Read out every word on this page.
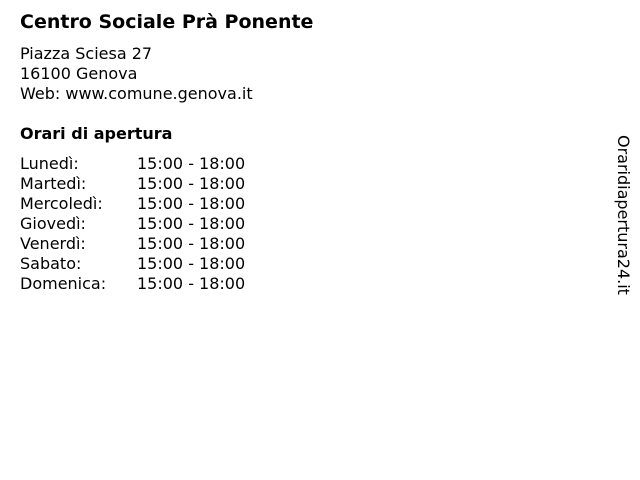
Centro Sociale Prà Ponente
Piazza Sciesa 27
16100 Genova
Web: www.comune.genova.it
Orari di apertura
Lunedì:	15:00 - 18:00
Martedì:	15:00 - 18:00
Mercoledì:	15:00 - 18:00
Giovedì:	15:00 - 18:00
Venerdì:	15:00 - 18:00
Sabato:	15:00 - 18:00
Domenica:	15:00 - 18:00	Oraridiapertura24.it
